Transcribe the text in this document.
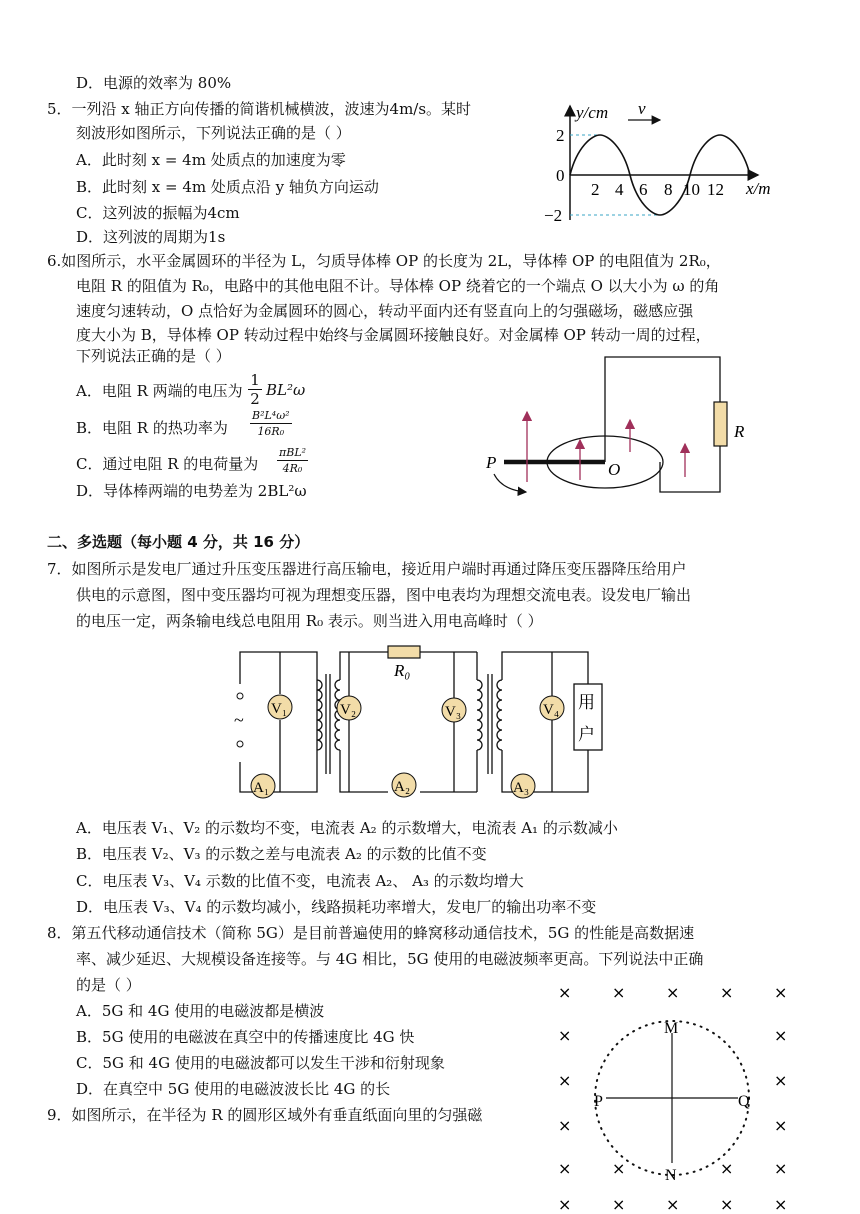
D．电源的效率为 80%
5．一列沿 x 轴正方向传播的简谐机械横波，波速为4m/s。某时
刻波形如图所示，下列说法正确的是（ ）
A．此时刻 x = 4m 处质点的加速度为零
B．此时刻 x = 4m 处质点沿 y 轴负方向运动
C．这列波的振幅为4cm
D．这列波的周期为1s
y/cm v
x/m
2
−2
0
2 4 6 8 10 12
6.如图所示，水平金属圆环的半径为 L，匀质导体棒 OP 的长度为 2L，导体棒 OP 的电阻值为 2R₀，
电阻 R 的阻值为 R₀，电路中的其他电阻不计。导体棒 OP 绕着它的一个端点 O 以大小为 ω 的角
速度匀速转动，O 点恰好为金属圆环的圆心，转动平面内还有竖直向上的匀强磁场，磁感应强
度大小为 B，导体棒 OP 转动过程中始终与金属圆环接触良好。对金属棒 OP 转动一周的过程，
下列说法正确的是（ ）
A．电阻 R 两端的电压为
1
2 BL²ω
B．电阻 R 的热功率为
B²L⁴ω²
16R₀
C．通过电阻 R 的电荷量为
πBL²
4R₀
D．导体棒两端的电势差为 2BL²ω
P	O
R
二、多选题（每小题 4 分，共 16 分）
7．如图所示是发电厂通过升压变压器进行高压输电，接近用户端时再通过降压变压器降压给用户
供电的示意图，图中变压器均可视为理想变压器，图中电表均为理想交流电表。设发电厂输出
的电压一定，两条输电线总电阻用 R₀ 表示。则当进入用电高峰时（ ）
~
R₀
V₁	V₂	V₃	V₄
A₁	A₂	A₃
用
户
A．电压表 V₁、V₂ 的示数均不变，电流表 A₂ 的示数增大，电流表 A₁ 的示数减小
B．电压表 V₂、V₃ 的示数之差与电流表 A₂ 的示数的比值不变
C．电压表 V₃、V₄ 示数的比值不变，电流表 A₂、 A₃ 的示数均增大
D．电压表 V₃、V₄ 的示数均减小，线路损耗功率增大，发电厂的输出功率不变
8．第五代移动通信技术（简称 5G）是目前普遍使用的蜂窝移动通信技术，5G 的性能是高数据速
率、减少延迟、大规模设备连接等。与 4G 相比，5G 使用的电磁波频率更高。下列说法中正确
的是（ ）
A．5G 和 4G 使用的电磁波都是横波
B．5G 使用的电磁波在真空中的传播速度比 4G 快
C．5G 和 4G 使用的电磁波都可以发生干涉和衍射现象
D．在真空中 5G 使用的电磁波波长比 4G 的长
9．如图所示，在半径为 R 的圆形区域外有垂直纸面向里的匀强磁
M
N
P	Q
×	×	×	×	×
×	×
×	×
×	×
×	×	×	×
×	×	×	×	×
